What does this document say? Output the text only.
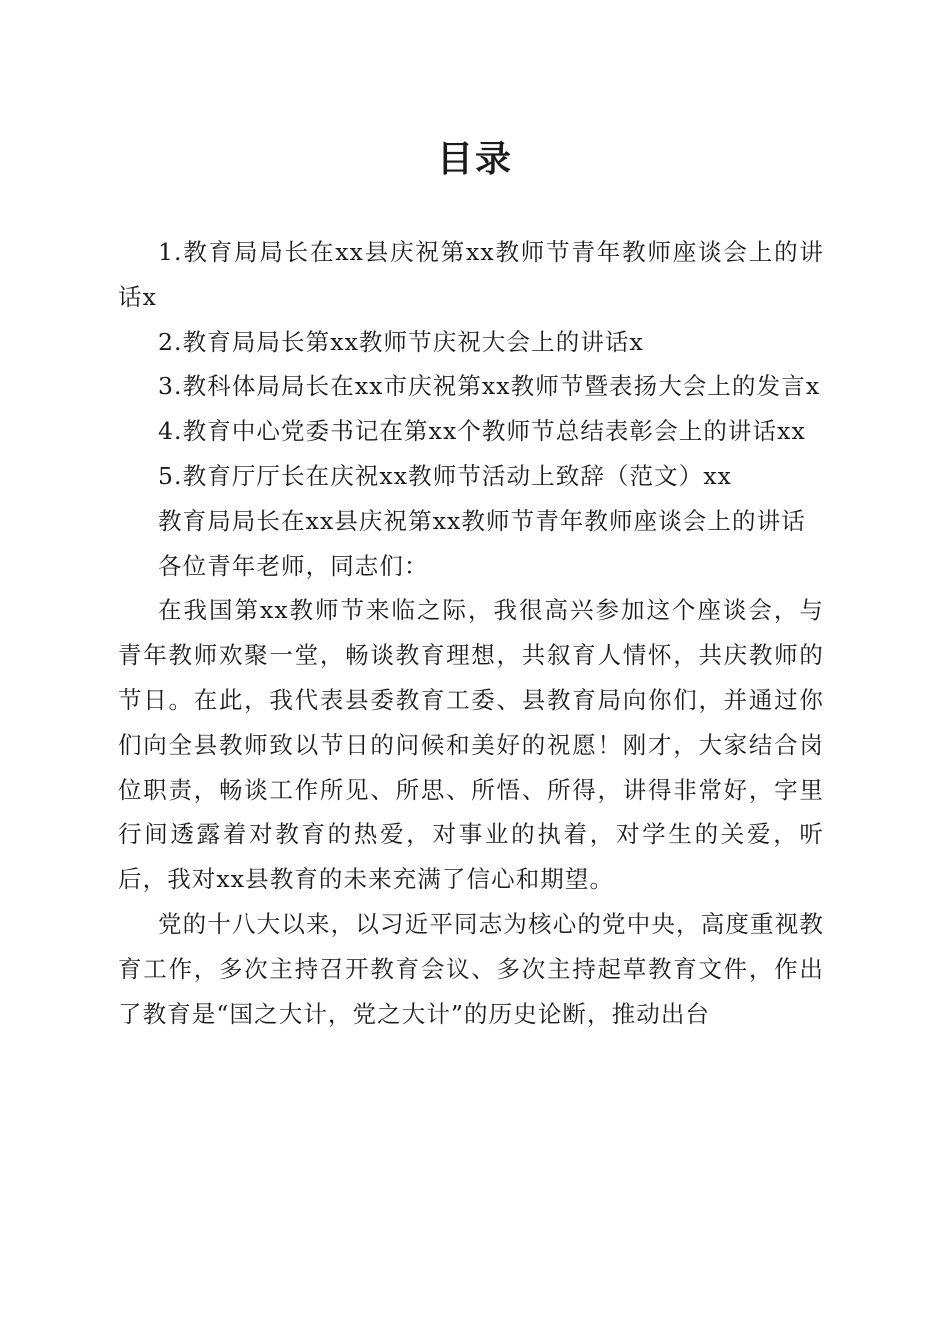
目录

1.教育局局长在xx县庆祝第xx教师节青年教师座谈会上的讲话x

2.教育局局长第xx教师节庆祝大会上的讲话x

3.教科体局局长在xx市庆祝第xx教师节暨表扬大会上的发言x

4.教育中心党委书记在第xx个教师节总结表彰会上的讲话xx

5.教育厅厅长在庆祝xx教师节活动上致辞（范文）xx

教育局局长在xx县庆祝第xx教师节青年教师座谈会上的讲话

各位青年老师，同志们：

在我国第xx教师节来临之际，我很高兴参加这个座谈会，与青年教师欢聚一堂，畅谈教育理想，共叙育人情怀，共庆教师的节日。在此，我代表县委教育工委、县教育局向你们，并通过你们向全县教师致以节日的问候和美好的祝愿！刚才，大家结合岗位职责，畅谈工作所见、所思、所悟、所得，讲得非常好，字里行间透露着对教育的热爱，对事业的执着，对学生的关爱，听后，我对xx县教育的未来充满了信心和期望。

党的十八大以来，以习近平同志为核心的党中央，高度重视教育工作，多次主持召开教育会议、多次主持起草教育文件，作出了教育是“国之大计，党之大计”的历史论断，推动出台
